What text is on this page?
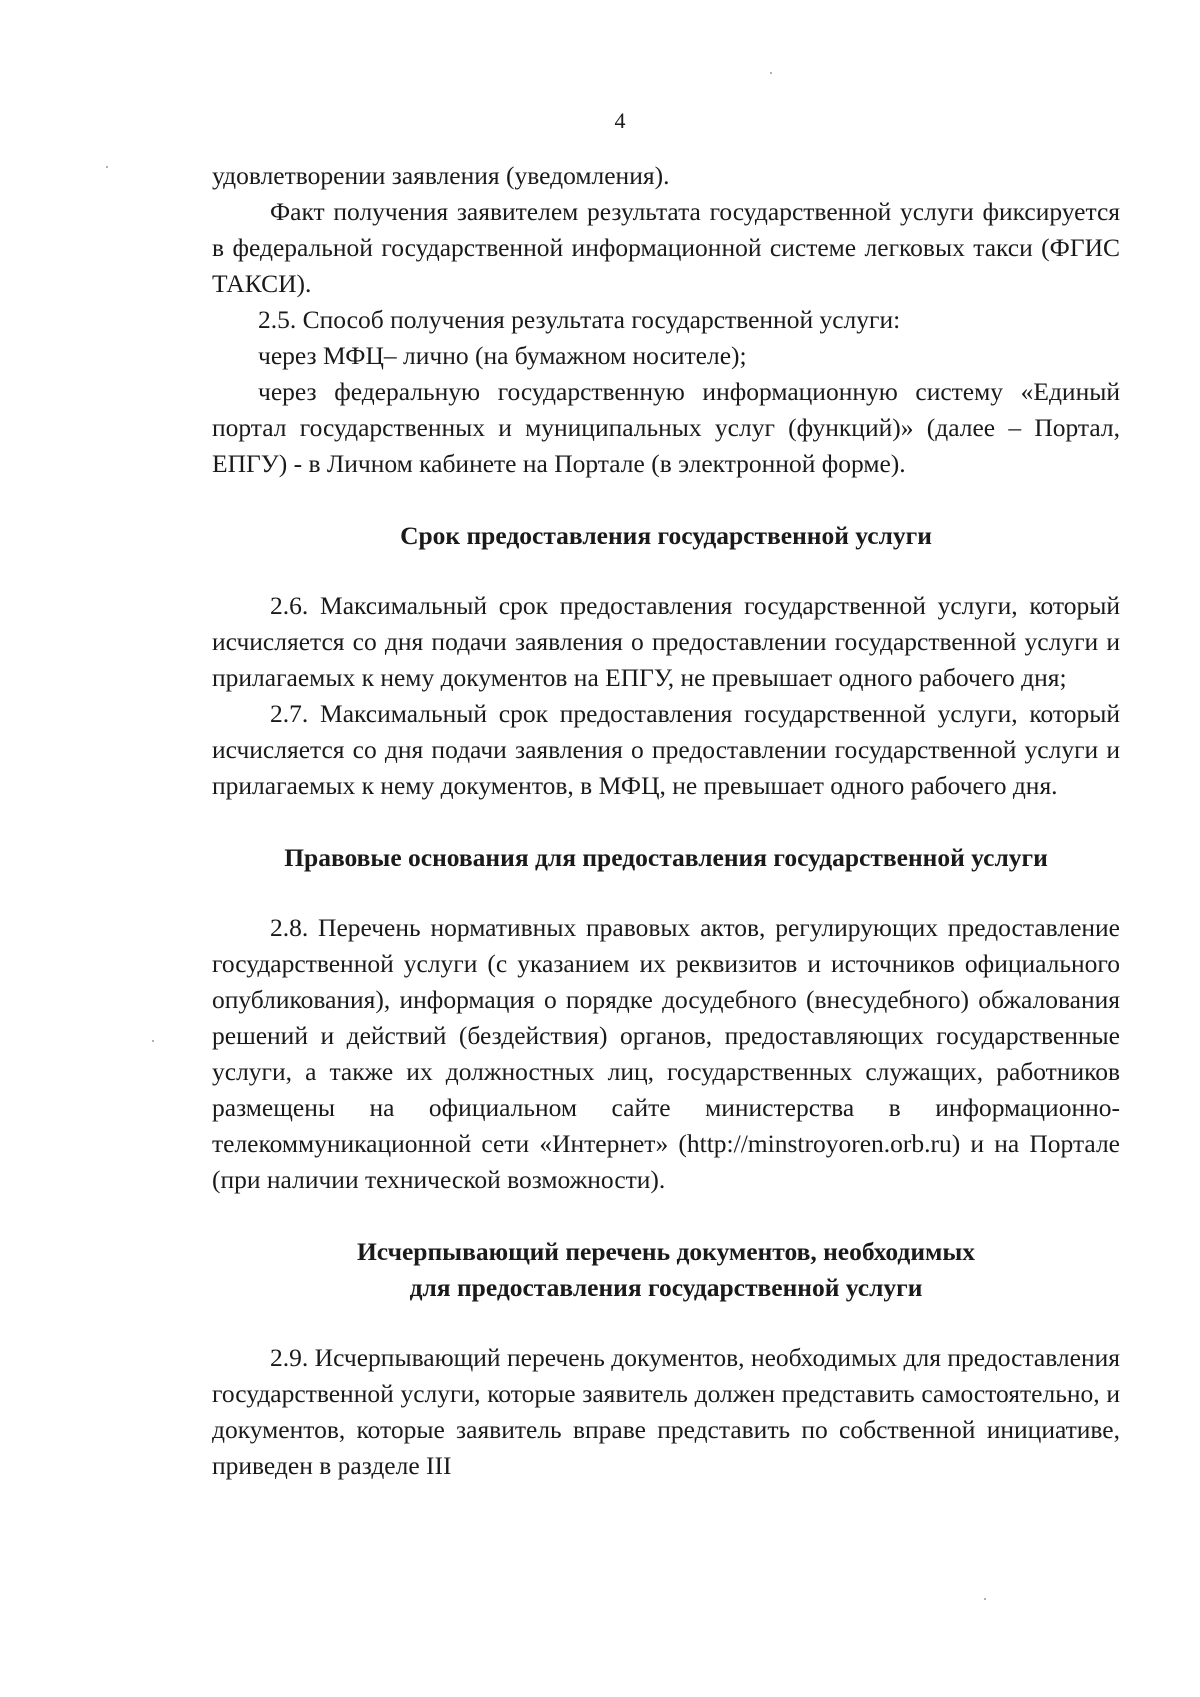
4

удовлетворении заявления (уведомления).

Факт получения заявителем результата государственной услуги фиксируется в федеральной государственной информационной системе легковых такси (ФГИС ТАКСИ).

2.5. Способ получения результата государственной услуги:

через МФЦ– лично (на бумажном носителе);

через федеральную государственную информационную систему «Единый портал государственных и муниципальных услуг (функций)» (далее – Портал, ЕПГУ) - в Личном кабинете на Портале (в электронной форме).

Срок предоставления государственной услуги

2.6. Максимальный срок предоставления государственной услуги, который исчисляется со дня подачи заявления о предоставлении государственной услуги и прилагаемых к нему документов на ЕПГУ, не превышает одного рабочего дня;

2.7. Максимальный срок предоставления государственной услуги, который исчисляется со дня подачи заявления о предоставлении государственной услуги и прилагаемых к нему документов, в МФЦ, не превышает одного рабочего дня.

Правовые основания для предоставления государственной услуги

2.8. Перечень нормативных правовых актов, регулирующих предоставление государственной услуги (с указанием их реквизитов и источников официального опубликования), информация о порядке досудебного (внесудебного) обжалования решений и действий (бездействия) органов, предоставляющих государственные услуги, а также их должностных лиц, государственных служащих, работников размещены на официальном сайте министерства в информационно-телекоммуникационной сети «Интернет» (http://minstroyoren.orb.ru) и на Портале (при наличии технической возможности).

Исчерпывающий перечень документов, необходимых
для предоставления государственной услуги

2.9. Исчерпывающий перечень документов, необходимых для предоставления государственной услуги, которые заявитель должен представить самостоятельно, и документов, которые заявитель вправе представить по собственной инициативе, приведен в разделе III
